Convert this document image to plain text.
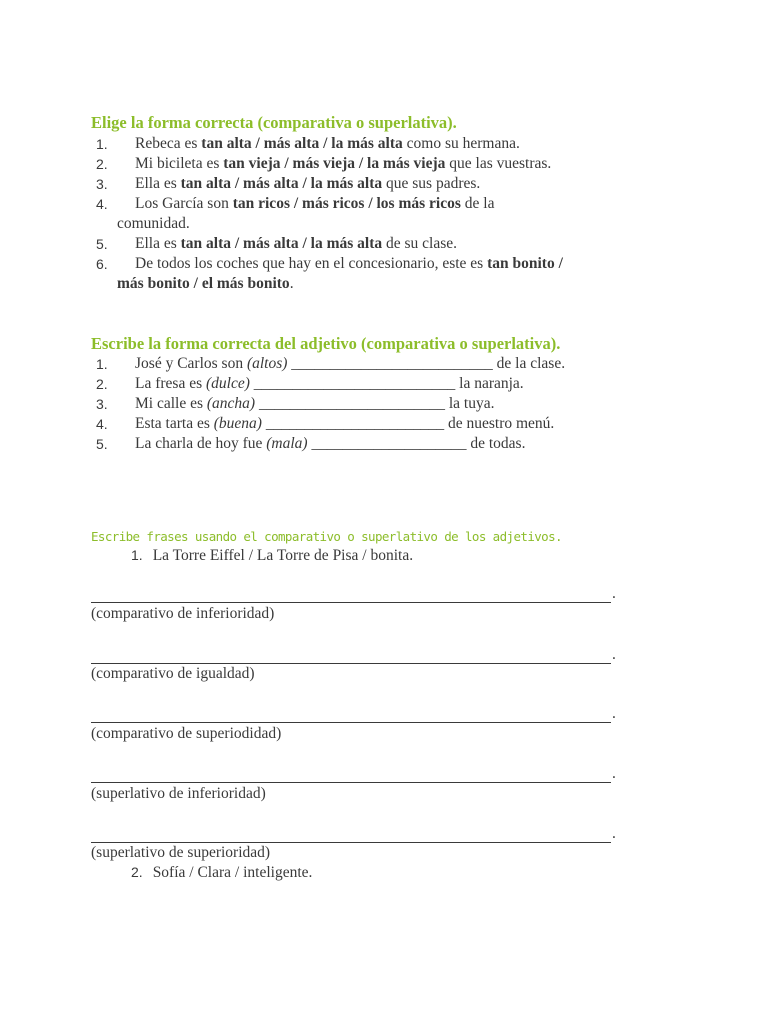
Elige la forma correcta (comparativa o superlativa).
1. Rebeca es tan alta / más alta / la más alta como su hermana.
2. Mi bicileta es tan vieja / más vieja / la más vieja que las vuestras.
3. Ella es tan alta / más alta / la más alta que sus padres.
4. Los García son tan ricos / más ricos / los más ricos de la
comunidad.
5. Ella es tan alta / más alta / la más alta de su clase.
6. De todos los coches que hay en el concesionario, este es tan bonito /
más bonito / el más bonito.
Escribe la forma correcta del adjetivo (comparativa o superlativa).
1. José y Carlos son (altos) __________________________ de la clase.
2. La fresa es (dulce) __________________________ la naranja.
3. Mi calle es (ancha) ________________________ la tuya.
4. Esta tarta es (buena) _______________________ de nuestro menú.
5. La charla de hoy fue (mala) ____________________ de todas.
Escribe frases usando el comparativo o superlativo de los adjetivos.
1. La Torre Eiffel / La Torre de Pisa / bonita.
.
(comparativo de inferioridad)
.
(comparativo de igualdad)
.
(comparativo de superiodidad)
.
(superlativo de inferioridad)
.
(superlativo de superioridad)
2. Sofía / Clara / inteligente.
